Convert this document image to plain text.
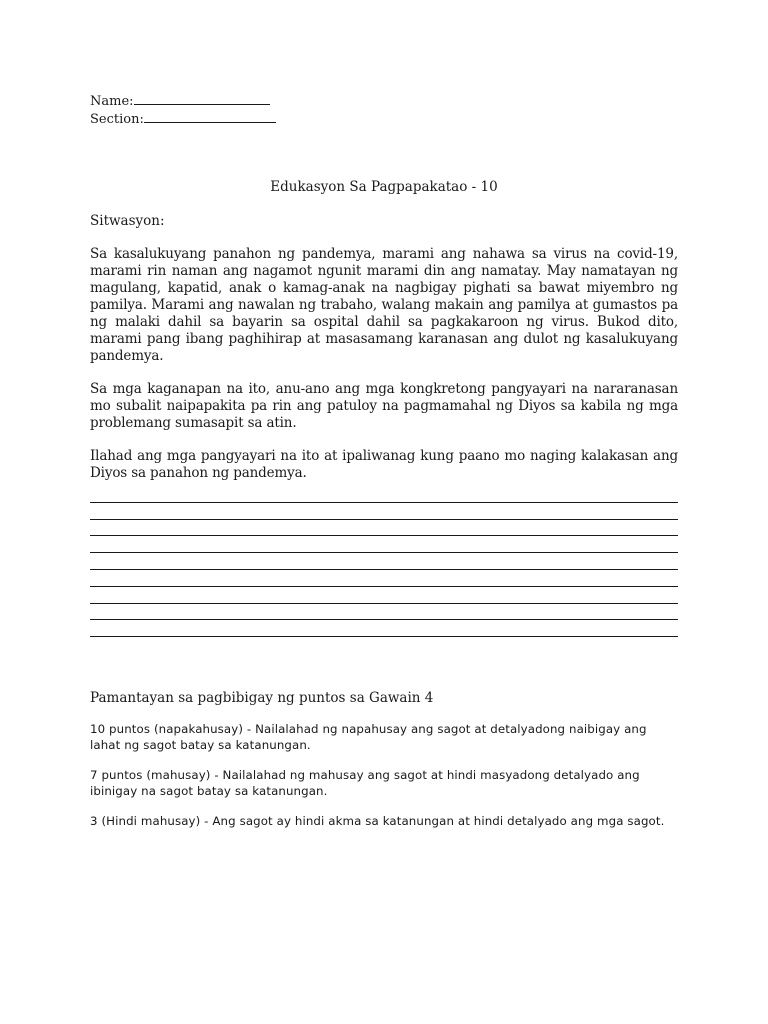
Name:
Section:
Edukasyon Sa Pagpapakatao - 10
Sitwasyon:
Sa kasalukuyang panahon ng pandemya, marami ang nahawa sa virus na covid-19, marami rin naman ang nagamot ngunit marami din ang namatay. May namatayan ng magulang, kapatid, anak o kamag-anak na nagbigay pighati sa bawat miyembro ng pamilya. Marami ang nawalan ng trabaho, walang makain ang pamilya at gumastos pa ng malaki dahil sa bayarin sa ospital dahil sa pagkakaroon ng virus. Bukod dito, marami pang ibang paghihirap at masasamang karanasan ang dulot ng kasalukuyang pandemya.
Sa mga kaganapan na ito, anu-ano ang mga kongkretong pangyayari na nararanasan mo subalit naipapakita pa rin ang patuloy na pagmamahal ng Diyos sa kabila ng mga problemang sumasapit sa atin.
Ilahad ang mga pangyayari na ito at ipaliwanag kung paano mo naging kalakasan ang Diyos sa panahon ng pandemya.
Pamantayan sa pagbibigay ng puntos sa Gawain 4
10 puntos (napakahusay) - Nailalahad ng napahusay ang sagot at detalyadong naibigay ang lahat ng sagot batay sa katanungan.
7 puntos (mahusay) - Nailalahad ng mahusay ang sagot at hindi masyadong detalyado ang ibinigay na sagot batay sa katanungan.
3 (Hindi mahusay) - Ang sagot ay hindi akma sa katanungan at hindi detalyado ang mga sagot.
